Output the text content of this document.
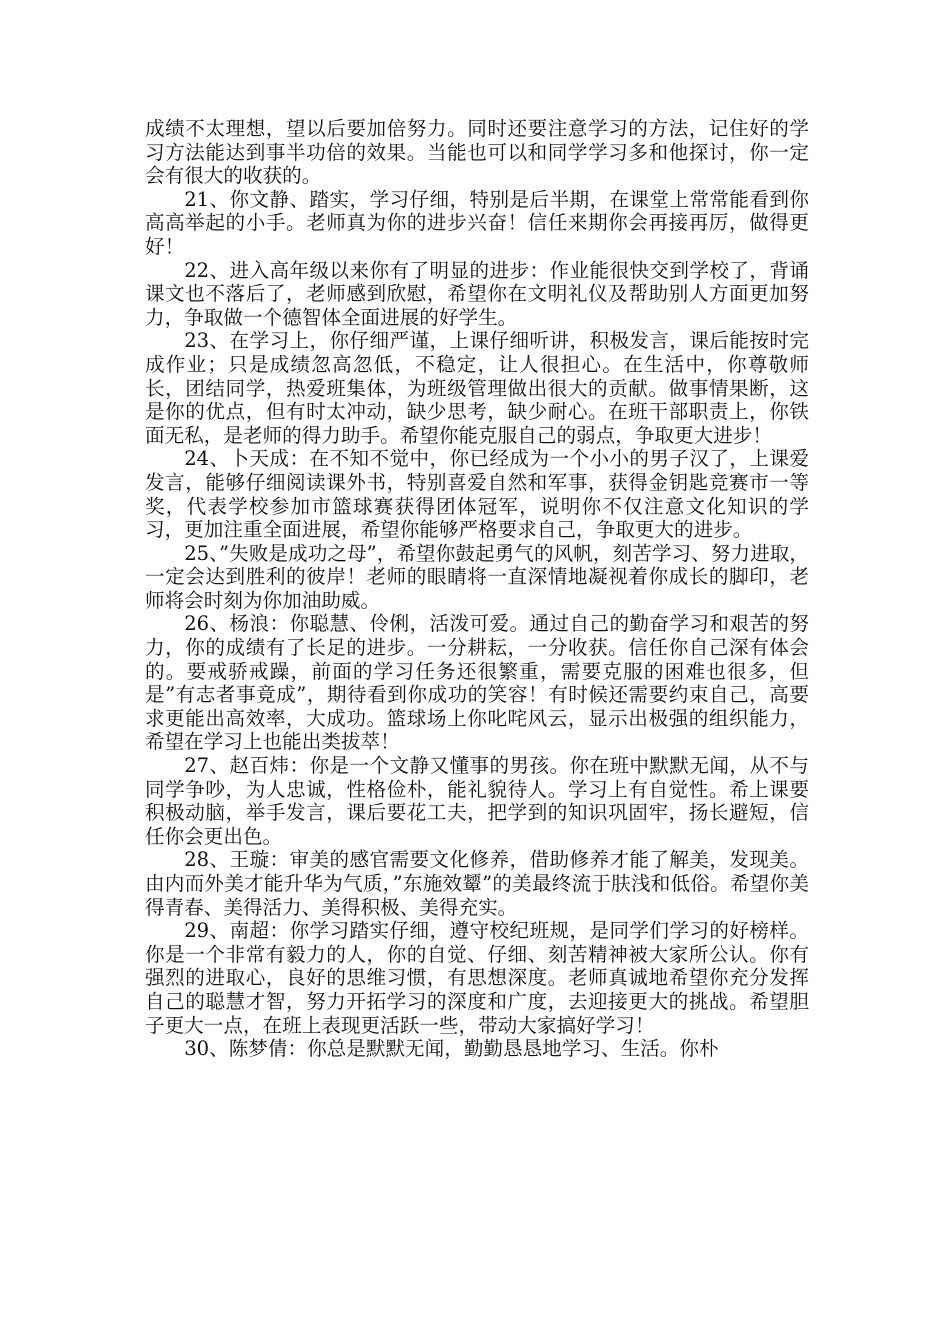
成绩不太理想，望以后要加倍努力。同时还要注意学习的方法，记住好的学习方法能达到事半功倍的效果。当能也可以和同学学习多和他探讨，你一定会有很大的收获的。

21、你文静、踏实，学习仔细，特别是后半期，在课堂上常常能看到你高高举起的小手。老师真为你的进步兴奋！信任来期你会再接再厉，做得更好！

22、进入高年级以来你有了明显的进步：作业能很快交到学校了，背诵课文也不落后了，老师感到欣慰，希望你在文明礼仪及帮助别人方面更加努力，争取做一个德智体全面进展的好学生。

23、在学习上，你仔细严谨，上课仔细听讲，积极发言，课后能按时完成作业；只是成绩忽高忽低，不稳定，让人很担心。在生活中，你尊敬师长，团结同学，热爱班集体，为班级管理做出很大的贡献。做事情果断，这是你的优点，但有时太冲动，缺少思考，缺少耐心。在班干部职责上，你铁面无私，是老师的得力助手。希望你能克服自己的弱点，争取更大进步！

24、卜天成：在不知不觉中，你已经成为一个小小的男子汉了，上课爱发言，能够仔细阅读课外书，特别喜爱自然和军事，获得金钥匙竞赛市一等奖，代表学校参加市篮球赛获得团体冠军，说明你不仅注意文化知识的学习，更加注重全面进展，希望你能够严格要求自己，争取更大的进步。

25、”失败是成功之母”，希望你鼓起勇气的风帆，刻苦学习、努力进取，一定会达到胜利的彼岸！老师的眼睛将一直深情地凝视着你成长的脚印，老师将会时刻为你加油助威。

26、杨浪：你聪慧、伶俐，活泼可爱。通过自己的勤奋学习和艰苦的努力，你的成绩有了长足的进步。一分耕耘，一分收获。信任你自己深有体会的。要戒骄戒躁，前面的学习任务还很繁重，需要克服的困难也很多，但是”有志者事竟成”，期待看到你成功的笑容！有时候还需要约束自己，高要求更能出高效率，大成功。篮球场上你叱咤风云，显示出极强的组织能力，希望在学习上也能出类拔萃！

27、赵百炜：你是一个文静又懂事的男孩。你在班中默默无闻，从不与同学争吵，为人忠诚，性格俭朴，能礼貌待人。学习上有自觉性。希上课要积极动脑，举手发言，课后要花工夫，把学到的知识巩固牢，扬长避短，信任你会更出色。

28、王璇：审美的感官需要文化修养，借助修养才能了解美，发现美。由内而外美才能升华为气质，”东施效颦”的美最终流于肤浅和低俗。希望你美得青春、美得活力、美得积极、美得充实。

29、南超：你学习踏实仔细，遵守校纪班规，是同学们学习的好榜样。你是一个非常有毅力的人，你的自觉、仔细、刻苦精神被大家所公认。你有强烈的进取心，良好的思维习惯，有思想深度。老师真诚地希望你充分发挥自己的聪慧才智，努力开拓学习的深度和广度，去迎接更大的挑战。希望胆子更大一点，在班上表现更活跃一些，带动大家搞好学习！

30、陈梦倩：你总是默默无闻，勤勤恳恳地学习、生活。你朴
